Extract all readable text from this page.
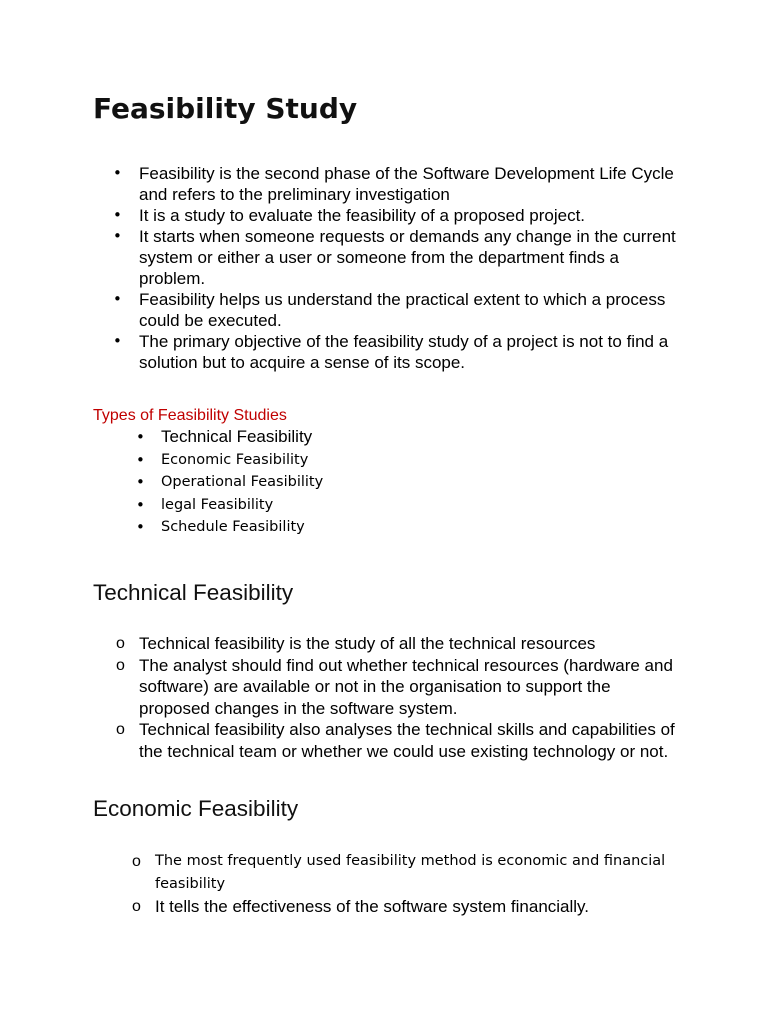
Feasibility Study
• Feasibility is the second phase of the Software Development Life Cycle and refers to the preliminary investigation
• It is a study to evaluate the feasibility of a proposed project.
• It starts when someone requests or demands any change in the current system or either a user or someone from the department finds a problem.
• Feasibility helps us understand the practical extent to which a process could be executed.
• The primary objective of the feasibility study of a project is not to find a solution but to acquire a sense of its scope.

Types of Feasibility Studies

• Technical Feasibility
• Economic Feasibility
• Operational Feasibility
• legal Feasibility
• Schedule Feasibility
Technical Feasibility
o Technical feasibility is the study of all the technical resources
o The analyst should find out whether technical resources (hardware and software) are available or not in the organisation to support the proposed changes in the software system.
o Technical feasibility also analyses the technical skills and capabilities of the technical team or whether we could use existing technology or not.
Economic Feasibility
o The most frequently used feasibility method is economic and financial feasibility
o It tells the effectiveness of the software system financially.
